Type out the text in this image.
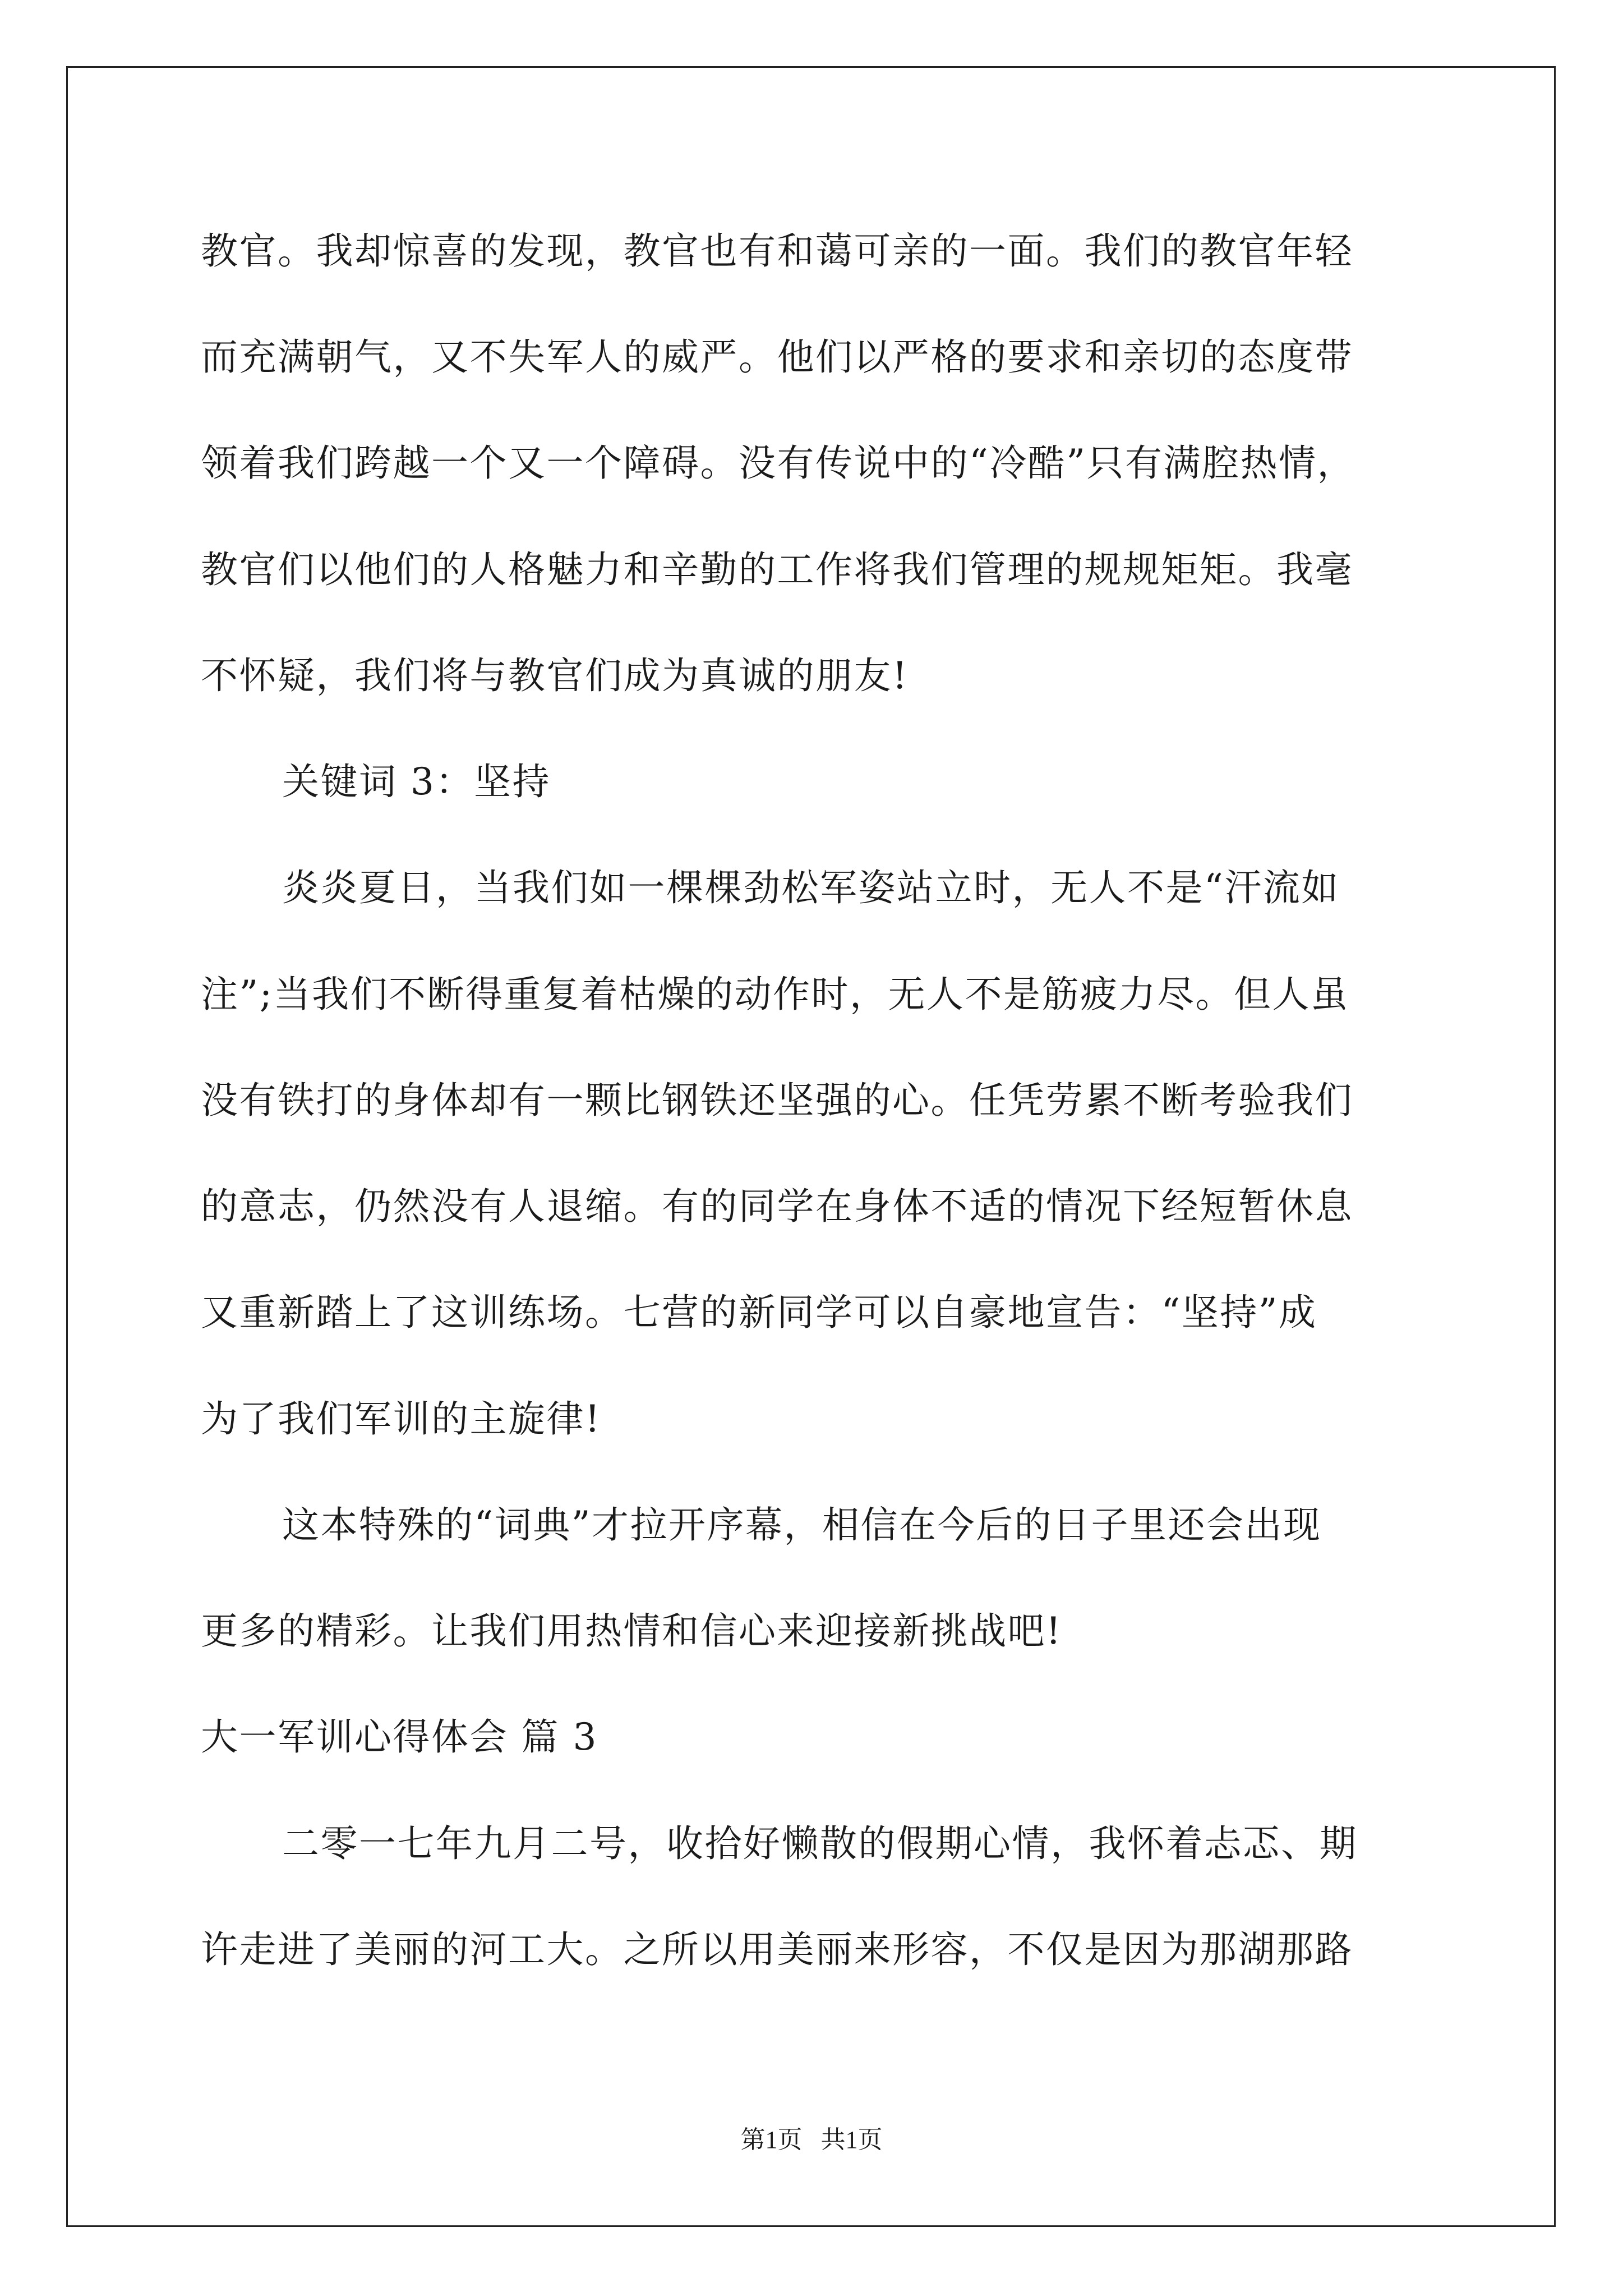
教官。我却惊喜的发现，教官也有和蔼可亲的一面。我们的教官年轻
而充满朝气，又不失军人的威严。他们以严格的要求和亲切的态度带
领着我们跨越一个又一个障碍。没有传说中的“冷酷”只有满腔热情，
教官们以他们的人格魅力和辛勤的工作将我们管理的规规矩矩。我毫
不怀疑，我们将与教官们成为真诚的朋友!
关键词 3：坚持
炎炎夏日，当我们如一棵棵劲松军姿站立时，无人不是“汗流如
注”;当我们不断得重复着枯燥的动作时，无人不是筋疲力尽。但人虽
没有铁打的身体却有一颗比钢铁还坚强的心。任凭劳累不断考验我们
的意志，仍然没有人退缩。有的同学在身体不适的情况下经短暂休息
又重新踏上了这训练场。七营的新同学可以自豪地宣告：“坚持”成
为了我们军训的主旋律!
这本特殊的“词典”才拉开序幕，相信在今后的日子里还会出现
更多的精彩。让我们用热情和信心来迎接新挑战吧!
大一军训心得体会 篇 3
二零一七年九月二号，收拾好懒散的假期心情，我怀着忐忑、期
许走进了美丽的河工大。之所以用美丽来形容，不仅是因为那湖那路
第1页   共1页
